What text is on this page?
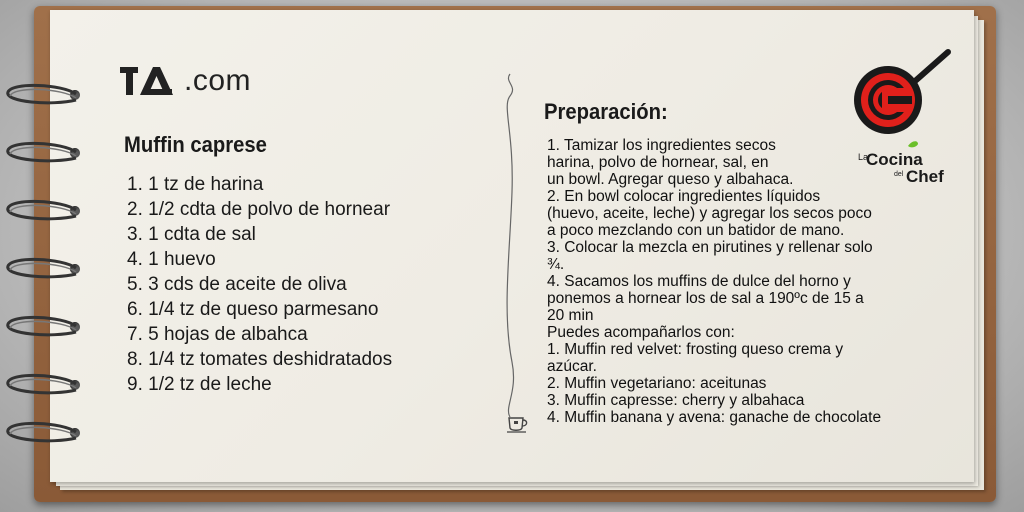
.com
Muffin caprese
1. 1 tz de harina
2. 1/2 cdta de polvo de hornear
3. 1 cdta de sal
4. 1 huevo
5. 3 cds de aceite de oliva
6. 1/4 tz de queso parmesano
7. 5 hojas de albahca
8. 1/4 tz tomates deshidratados
9. 1/2 tz de leche
Preparación:
1. Tamizar los ingredientes secos
harina, polvo de hornear, sal, en
un bowl. Agregar queso y albahaca.
2. En bowl colocar ingredientes líquidos
(huevo, aceite, leche) y agregar los secos poco
a poco mezclando con un batidor de mano.
3. Colocar la mezcla en pirutines y rellenar solo
¾.
4. Sacamos los muffins de dulce del horno y
ponemos a hornear los de sal a 190ºc de 15 a
20 min
Puedes acompañarlos con:
1. Muffin red velvet: frosting queso crema y
azúcar.
2. Muffin vegetariano: aceitunas
3. Muffin capresse: cherry y albahaca
4. Muffin banana y avena: ganache de chocolate
La
Cocina
del Chef
